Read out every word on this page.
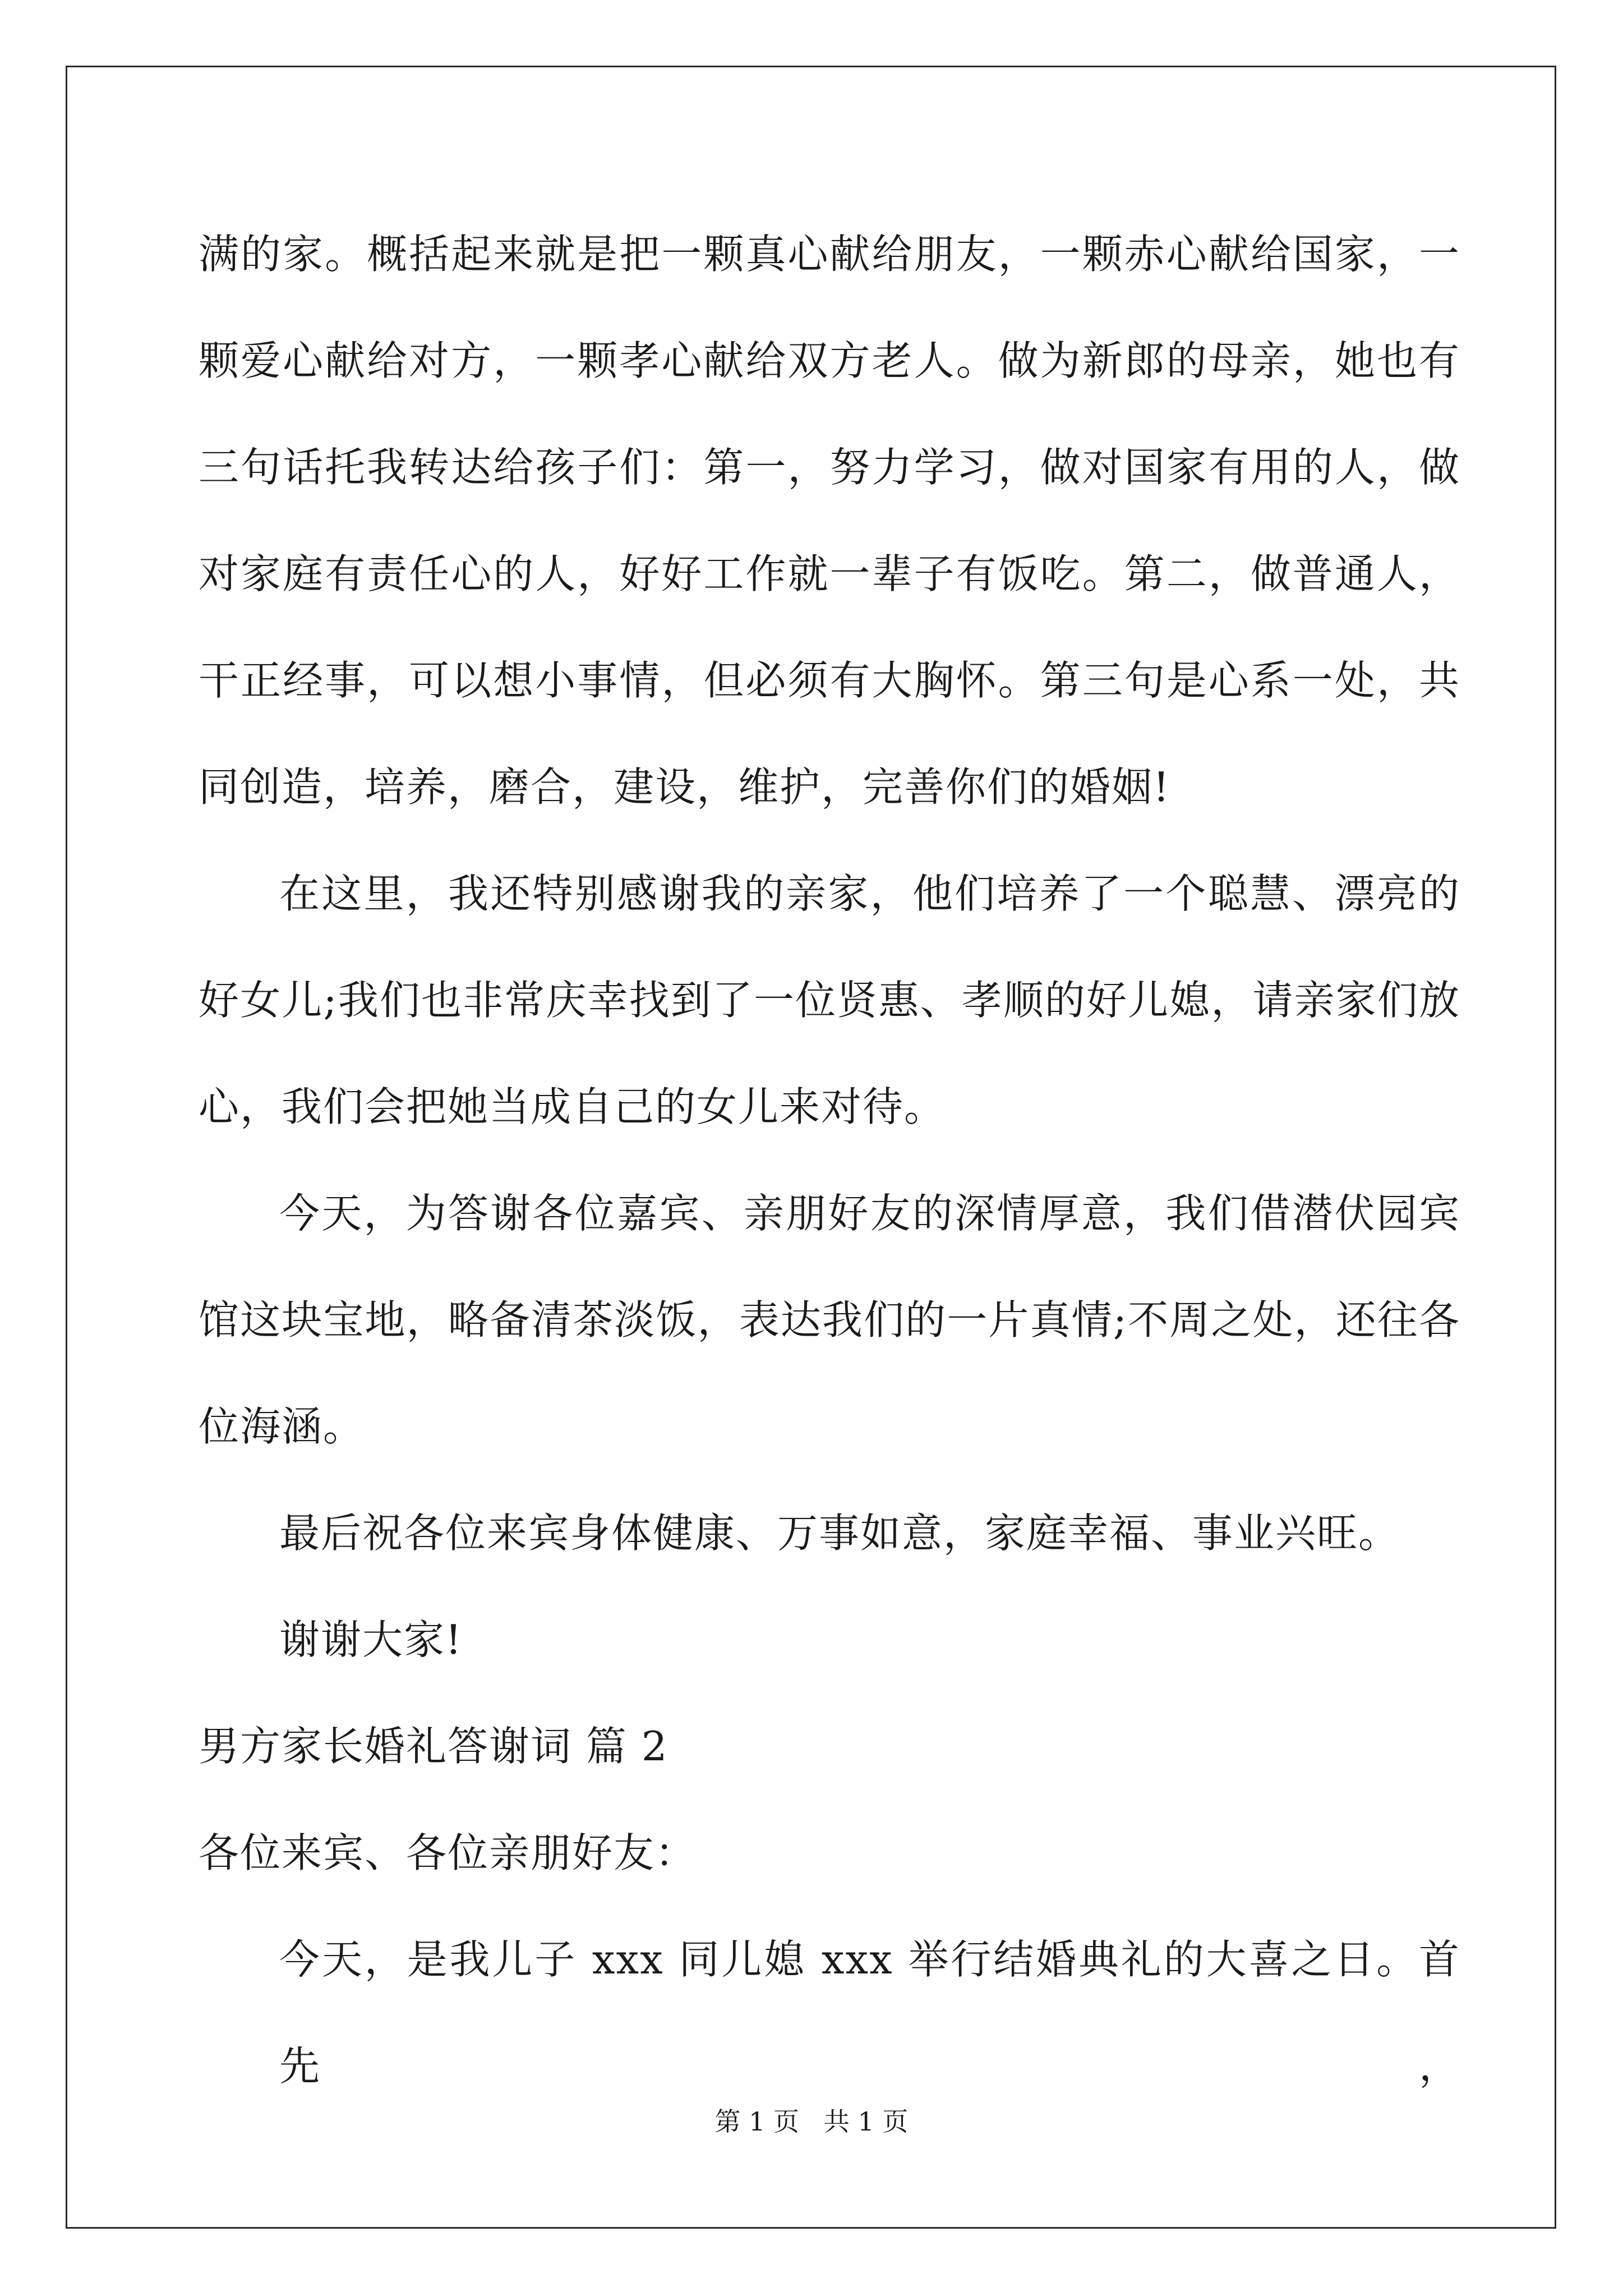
满的家。概括起来就是把一颗真心献给朋友，一颗赤心献给国家，一
颗爱心献给对方，一颗孝心献给双方老人。做为新郎的母亲，她也有
三句话托我转达给孩子们：第一，努力学习，做对国家有用的人，做
对家庭有责任心的人，好好工作就一辈子有饭吃。第二，做普通人，
干正经事，可以想小事情，但必须有大胸怀。第三句是心系一处，共
同创造，培养，磨合，建设，维护，完善你们的婚姻!
在这里，我还特别感谢我的亲家，他们培养了一个聪慧、漂亮的
好女儿;我们也非常庆幸找到了一位贤惠、孝顺的好儿媳，请亲家们放
心，我们会把她当成自己的女儿来对待。
今天，为答谢各位嘉宾、亲朋好友的深情厚意，我们借潜伏园宾
馆这块宝地，略备清茶淡饭，表达我们的一片真情;不周之处，还往各
位海涵。
最后祝各位来宾身体健康、万事如意，家庭幸福、事业兴旺。
谢谢大家!
男方家长婚礼答谢词 篇 2
各位来宾、各位亲朋好友：
今天，是我儿子 xxx 同儿媳 xxx 举行结婚典礼的大喜之日。首先，
第 1 页   共 1 页
